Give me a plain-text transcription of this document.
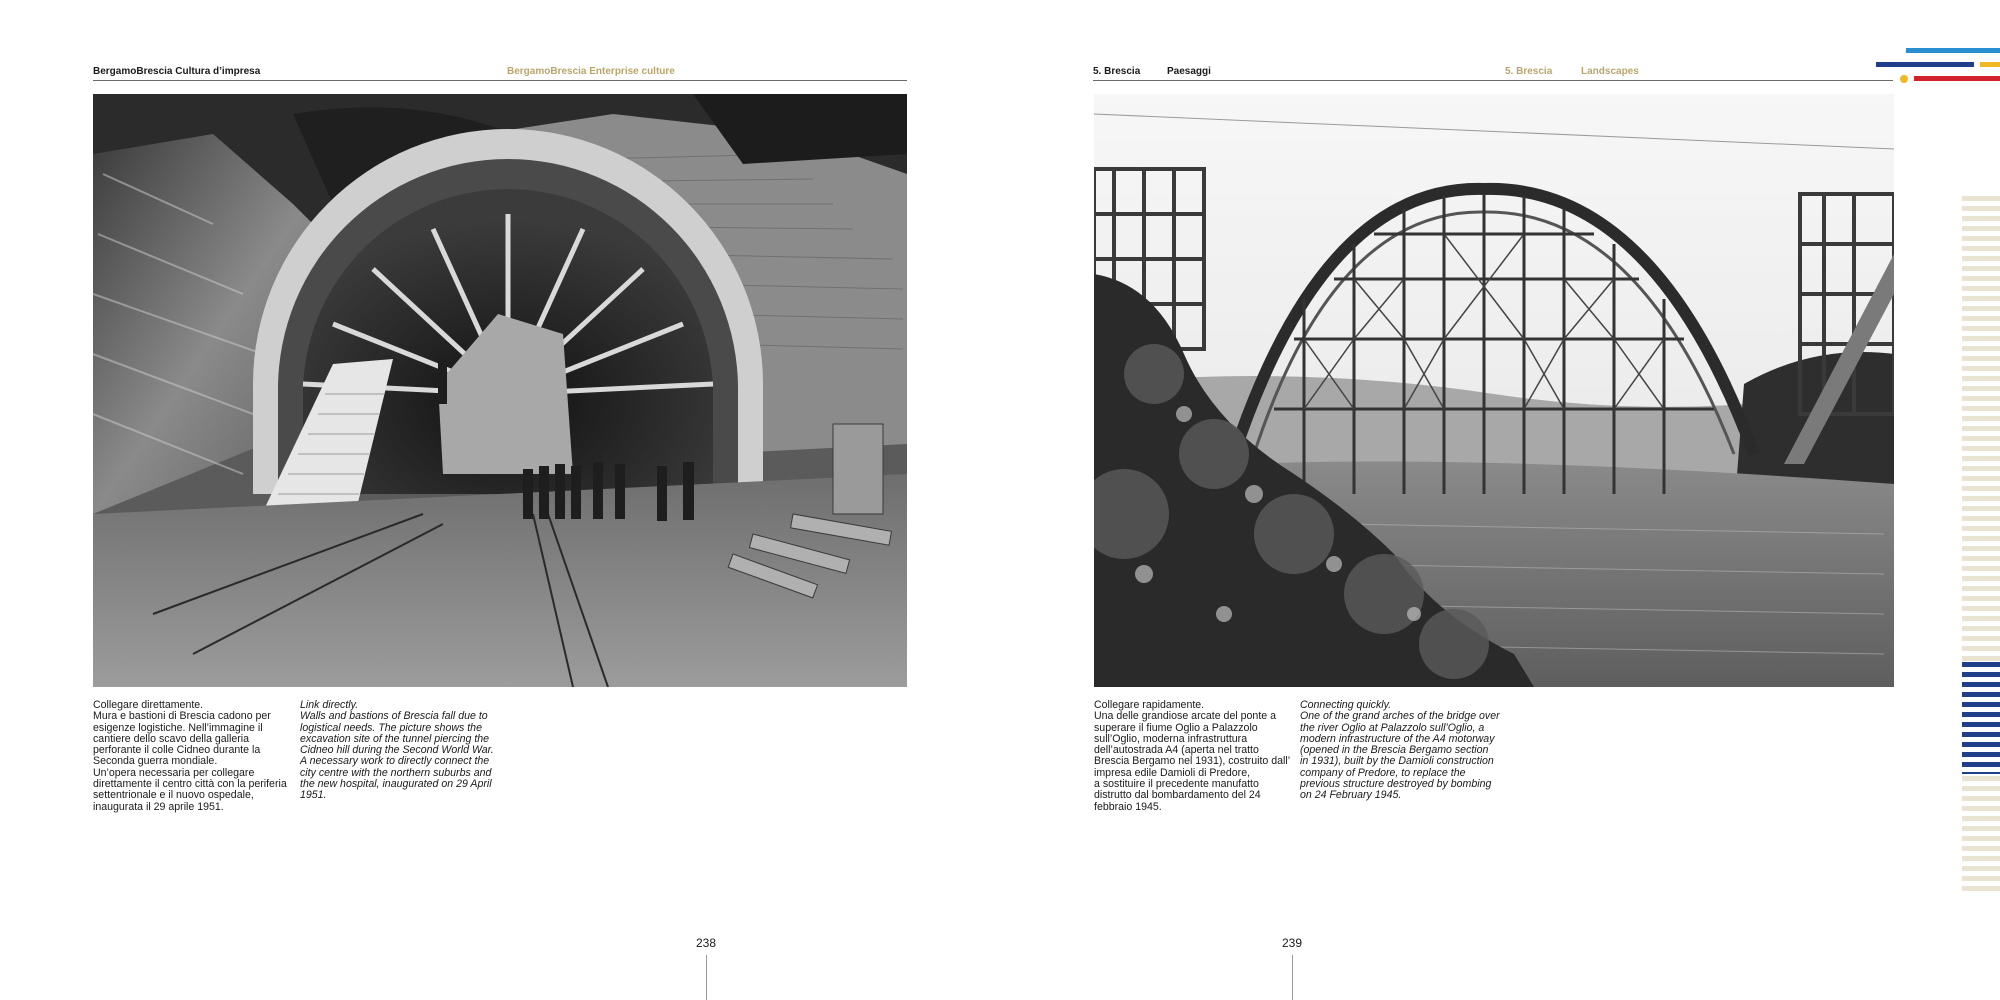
BergamoBrescia Cultura d’impresa	BergamoBrescia Enterprise culture
Collegare direttamente.
Mura e bastioni di Brescia cadono per
esigenze logistiche. Nell’immagine il
cantiere dello scavo della galleria
perforante il colle Cidneo durante la
Seconda guerra mondiale.
Un’opera necessaria per collegare
direttamente il centro città con la periferia
settentrionale e il nuovo ospedale,
inaugurata il 29 aprile 1951.
Link directly.
Walls and bastions of Brescia fall due to
logistical needs. The picture shows the
excavation site of the tunnel piercing the
Cidneo hill during the Second World War.
A necessary work to directly connect the
city centre with the northern suburbs and
the new hospital, inaugurated on 29 April
1951.
238
5. Brescia	Paesaggi	5. Brescia	Landscapes
Collegare rapidamente.
Una delle grandiose arcate del ponte a
superare il fiume Oglio a Palazzolo
sull’Oglio, moderna infrastruttura
dell’autostrada A4 (aperta nel tratto
Brescia Bergamo nel 1931), costruito dall’
impresa edile Damioli di Predore,
a sostituire il precedente manufatto
distrutto dal bombardamento del 24
febbraio 1945.
Connecting quickly.
One of the grand arches of the bridge over
the river Oglio at Palazzolo sull’Oglio, a
modern infrastructure of the A4 motorway
(opened in the Brescia Bergamo section
in 1931), built by the Damioli construction
company of Predore, to replace the
previous structure destroyed by bombing
on 24 February 1945.
239
